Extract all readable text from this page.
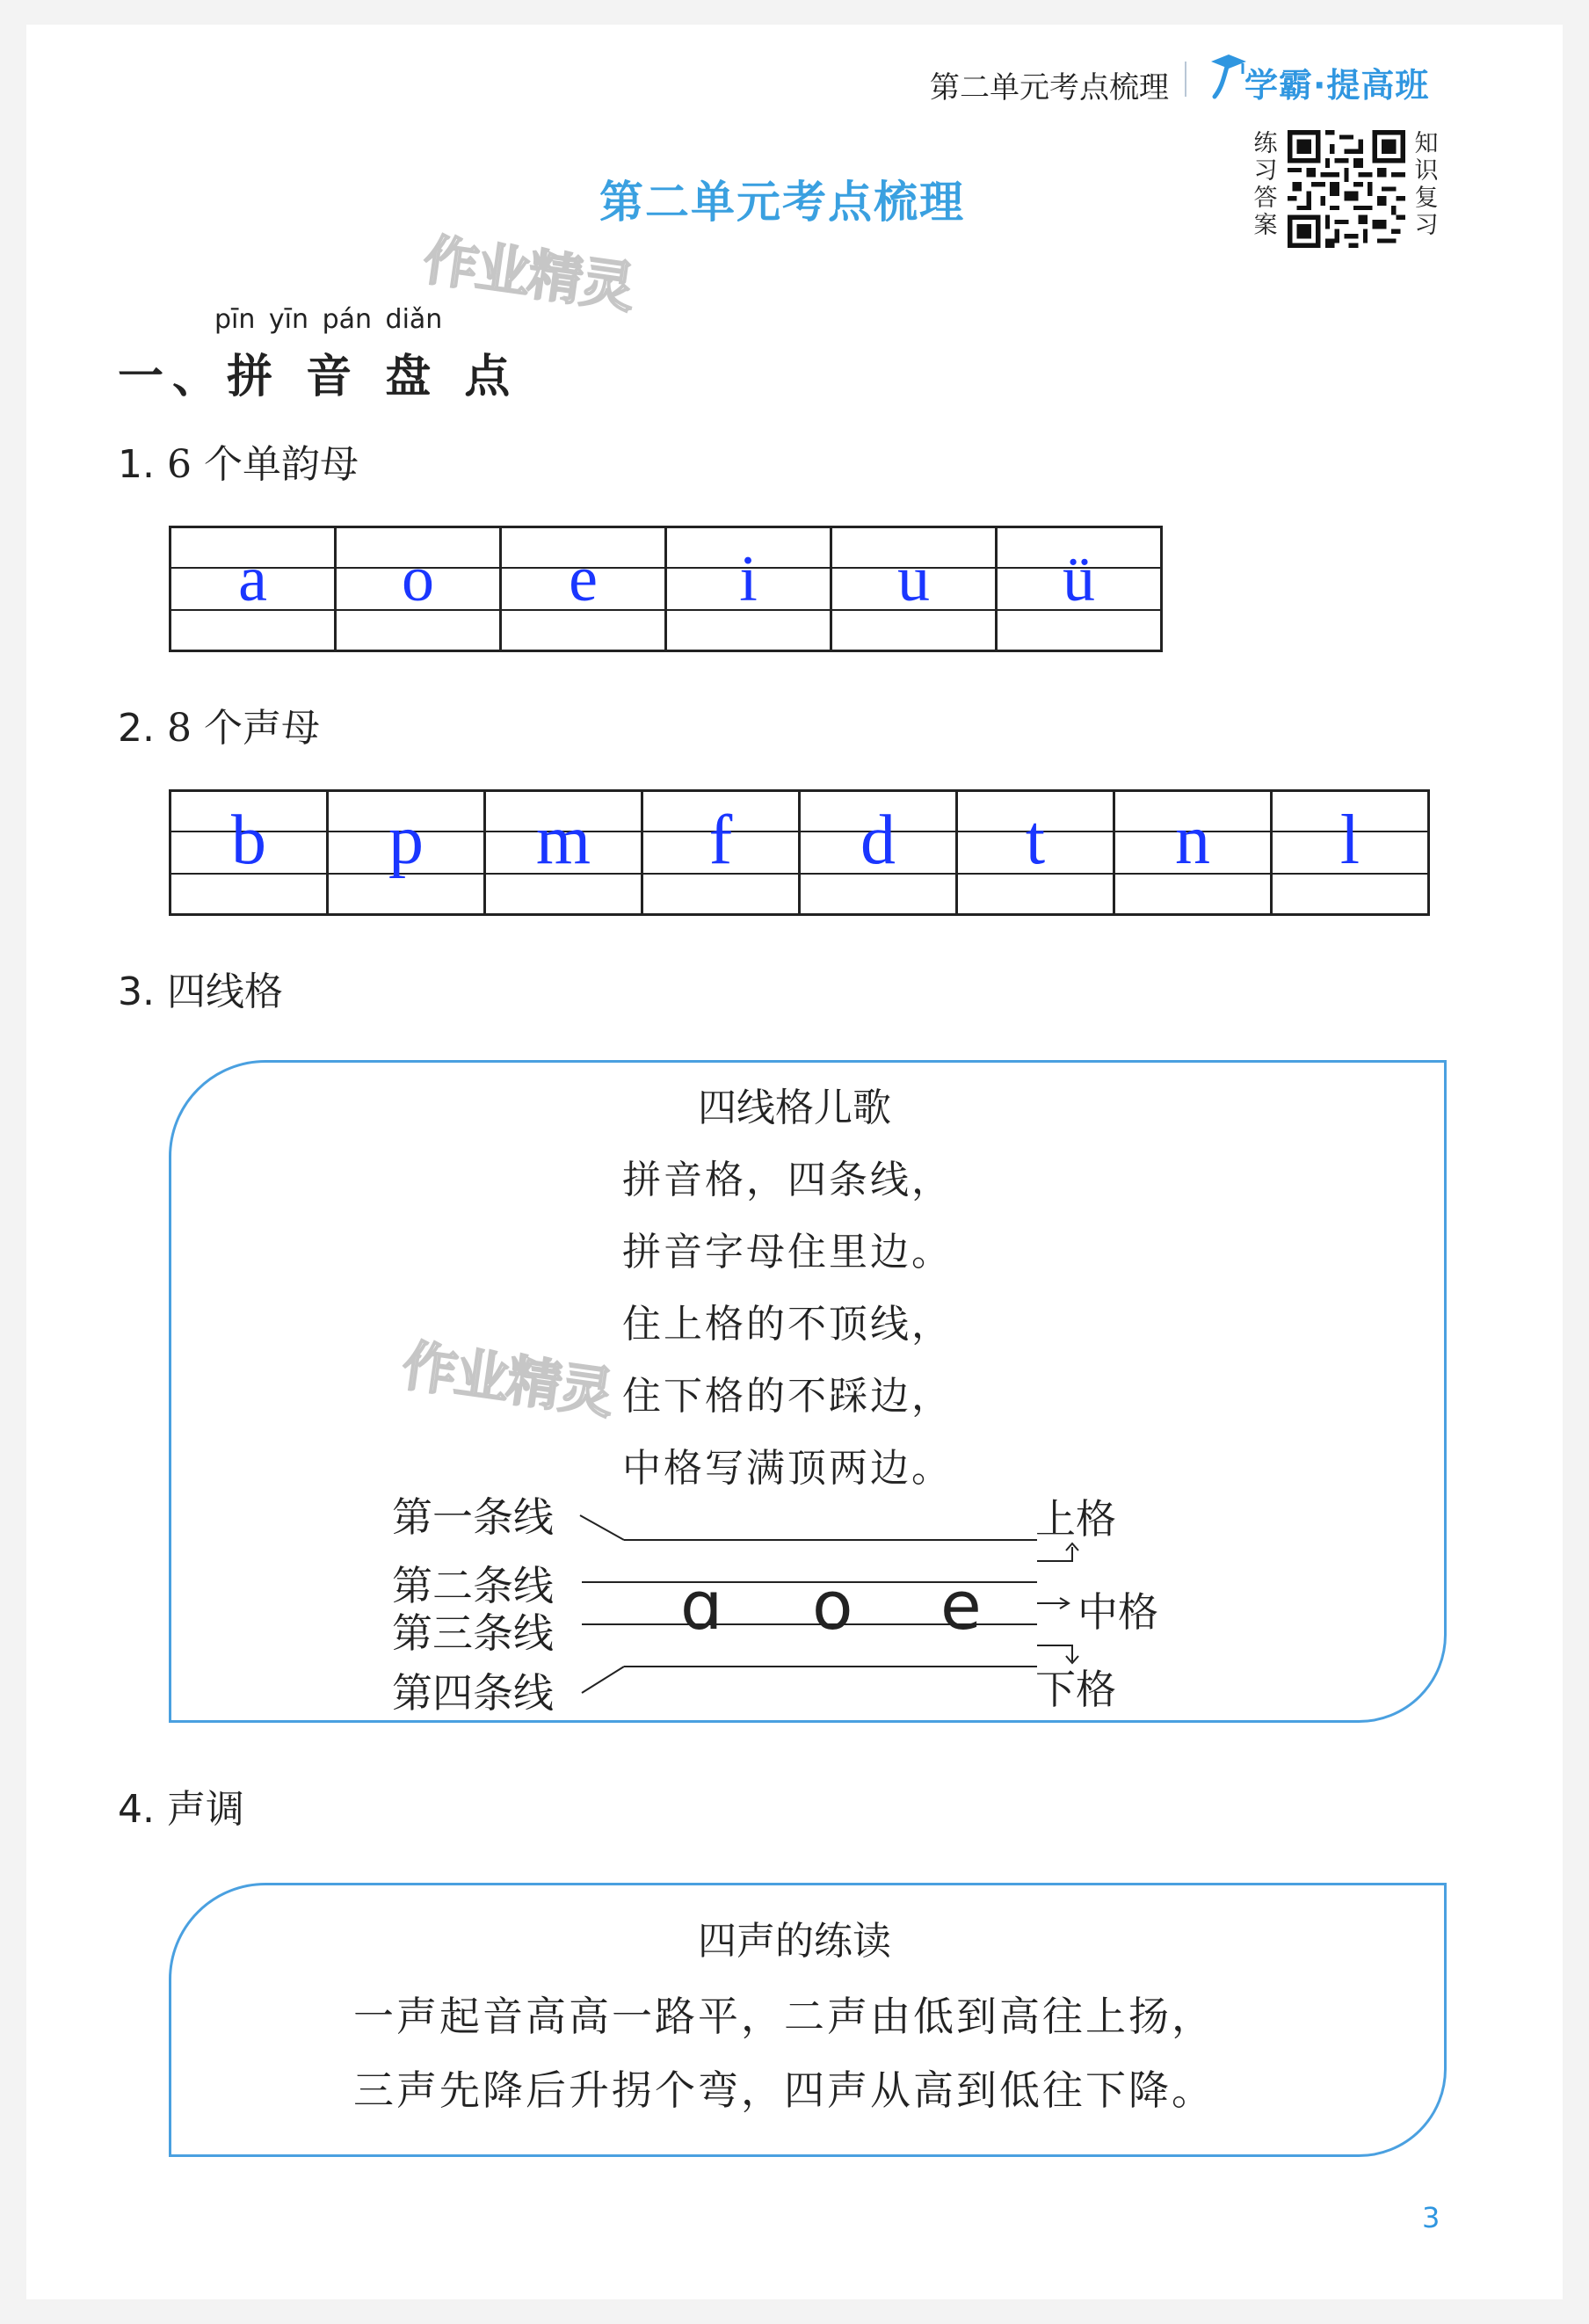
第二单元考点梳理 学霸·提高班
练
习
答
案
知
识
复
习
第二单元考点梳理
作业精灵
pīn yīn pán diǎn
一、拼 音 盘 点
1. 6 个单韵母
a	o	e	i	u	ü
2. 8 个声母
b	p	m	f	d	t	n	l
3. 四线格
四线格儿歌
拼音格，四条线，
拼音字母住里边。
住上格的不顶线，
住下格的不踩边，
中格写满顶两边。
作业精灵
第一条线
第二条线
第三条线
第四条线
ɑ o e
上格
中格
下格
4. 声调
四声的练读
一声起音高高一路平，二声由低到高往上扬，
三声先降后升拐个弯，四声从高到低往下降。
3
